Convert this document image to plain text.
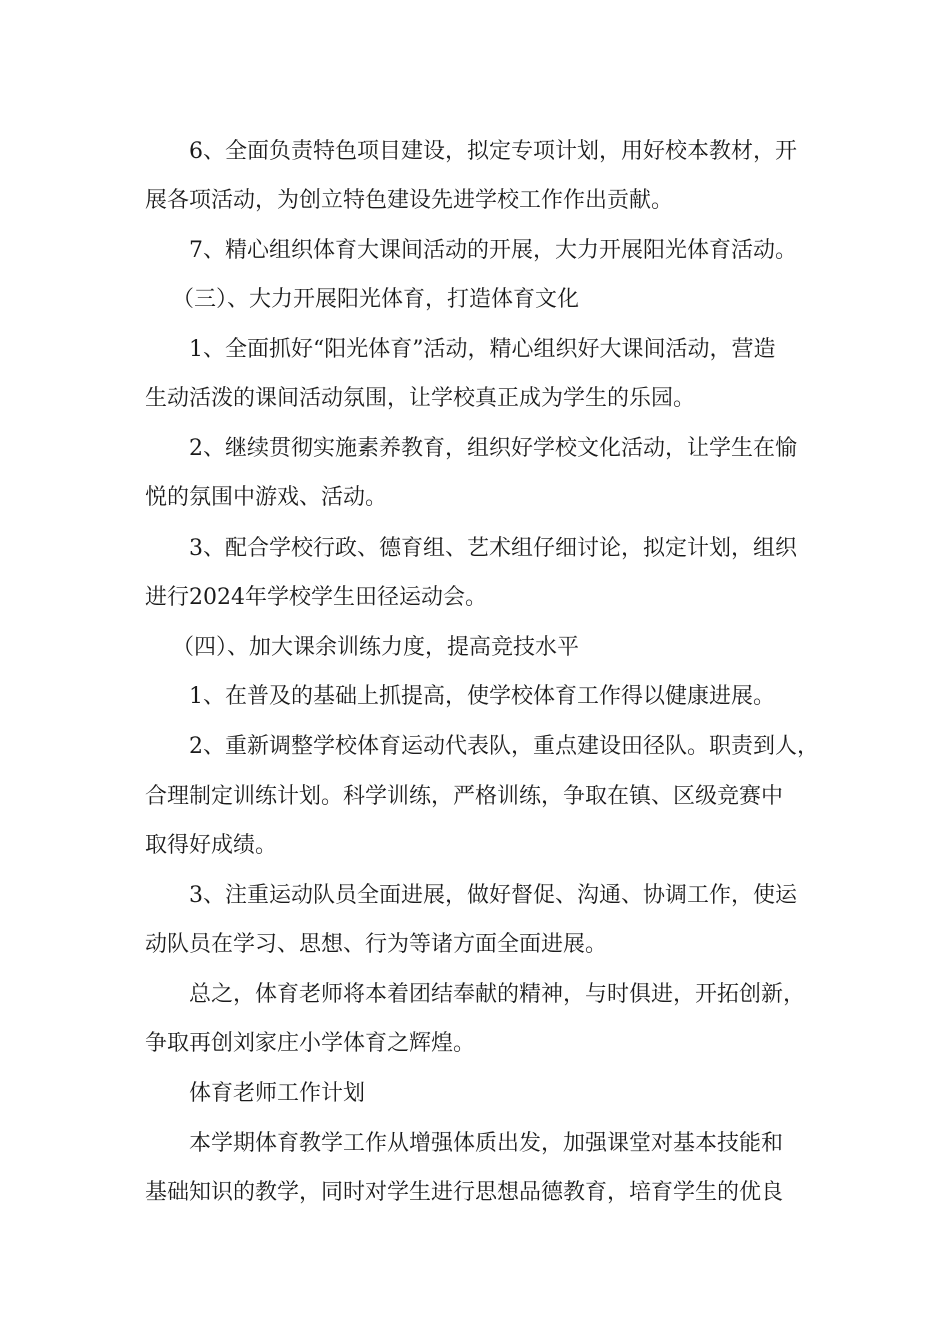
6、全面负责特色项目建设，拟定专项计划，用好校本教材，开
展各项活动，为创立特色建设先进学校工作作出贡献。
7、精心组织体育大课间活动的开展，大力开展阳光体育活动。
（三）、大力开展阳光体育，打造体育文化
1、全面抓好“阳光体育”活动，精心组织好大课间活动，营造
生动活泼的课间活动氛围，让学校真正成为学生的乐园。
2、继续贯彻实施素养教育，组织好学校文化活动，让学生在愉
悦的氛围中游戏、活动。
3、配合学校行政、德育组、艺术组仔细讨论，拟定计划，组织
进行2024年学校学生田径运动会。
（四）、加大课余训练力度，提高竞技水平
1、在普及的基础上抓提高，使学校体育工作得以健康进展。
2、重新调整学校体育运动代表队，重点建设田径队。职责到人，
合理制定训练计划。科学训练，严格训练，争取在镇、区级竞赛中
取得好成绩。
3、注重运动队员全面进展，做好督促、沟通、协调工作，使运
动队员在学习、思想、行为等诸方面全面进展。
总之，体育老师将本着团结奉献的精神，与时俱进，开拓创新，
争取再创刘家庄小学体育之辉煌。
体育老师工作计划
本学期体育教学工作从增强体质出发，加强课堂对基本技能和
基础知识的教学，同时对学生进行思想品德教育，培育学生的优良
